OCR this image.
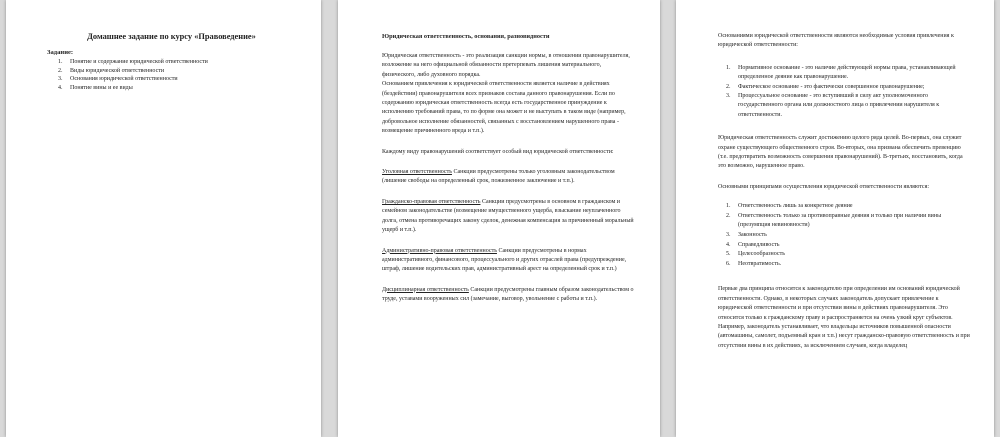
Домашнее задание по курсу «Правоведение»
Задание:
1. Понятие и содержание юридической ответственности
2. Виды юридической ответственности
3. Основания юридической ответственности
4. Понятие вины и ее виды
Юридическая ответственность, основания, разновидности

Юридическая ответственность - это реализация санкции нормы, в отношении правонарушителя, возложение на него официальной обязанности претерпевать лишения материального, физического, либо духовного порядка.

Основанием привлечения к юридической ответственности является наличие в действиях (бездействии) правонарушителя всех признаков состава данного правонарушения. Если по содержанию юридическая ответственность всегда есть государственное принуждение к исполнению требований права, то по форме она может и не выступать в таком виде (например, добровольное исполнение обязанностей, связанных с восстановлением нарушенного права - возмещение причиненного вреда и т.п.).

Каждому виду правонарушений соответствует особый вид юридической ответственности:

Уголовная ответственность Санкции предусмотрены только уголовным законодательством (лишение свободы на определенный срок, пожизненное заключение и т.п.).

Гражданско-правовая ответственность Санкции предусмотрены в основном в гражданском и семейном законодательстве (возмещение имущественного ущерба, взыскание неуплаченного долга, отмена противоречащих закону сделок, денежная компенсация за причиненный моральный ущерб и т.п.).

Административно-правовая ответственность Санкции предусмотрены в нормах административного, финансового, процессуального и других отраслей права (предупреждение, штраф, лишение водительских прав, административный арест на определенный срок и т.п.)

Дисциплинарная ответственность Санкции предусмотрены главным образом законодательством о труде, уставами вооруженных сил (замечание, выговор, увольнение с работы и т.п.).

Основаниями юридической ответственности являются необходимые условия привлечения к юридической ответственности:

1. Нормативное основание - это наличие действующей нормы права, устанавливающей определенное деяние как правонарушение.
2. Фактическое основание - это фактически совершенное правонарушение;
3. Процессуальное основание - это вступивший в силу акт уполномоченного государственного органа или должностного лица о привлечении нарушителя к ответственности.

Юридическая ответственность служит достижению целого ряда целей. Во-первых, она служит охране существующего общественного строя. Во-вторых, она призвана обеспечить превенцию (т.е. предотвратить возможность совершения правонарушений). В-третьих, восстановить, когда это возможно, нарушенное право.

Основными принципами осуществления юридической ответственности являются:

1. Ответственность лишь за конкретное деяние
2. Ответственность только за противоправные деяния и только при наличии вины (презумпция невиновности)
3. Законность
4. Справедливость
5. Целесообразность
6. Неотвратимость.

Первые два принципа относятся к законодателю при определении им оснований юридической ответственности. Однако, в некоторых случаях законодатель допускает привлечение к юридической ответственности и при отсутствии вины в действиях правонарушителя. Это относится только к гражданскому праву и распространяется на очень узкий круг субъектов. Например, законодатель устанавливает, что владельцы источников повышенной опасности (автомашины, самолет, подъемный кран и т.п.) несут гражданско-правовую ответственность и при отсутствии вины в их действиях, за исключением случаев, когда владелец
